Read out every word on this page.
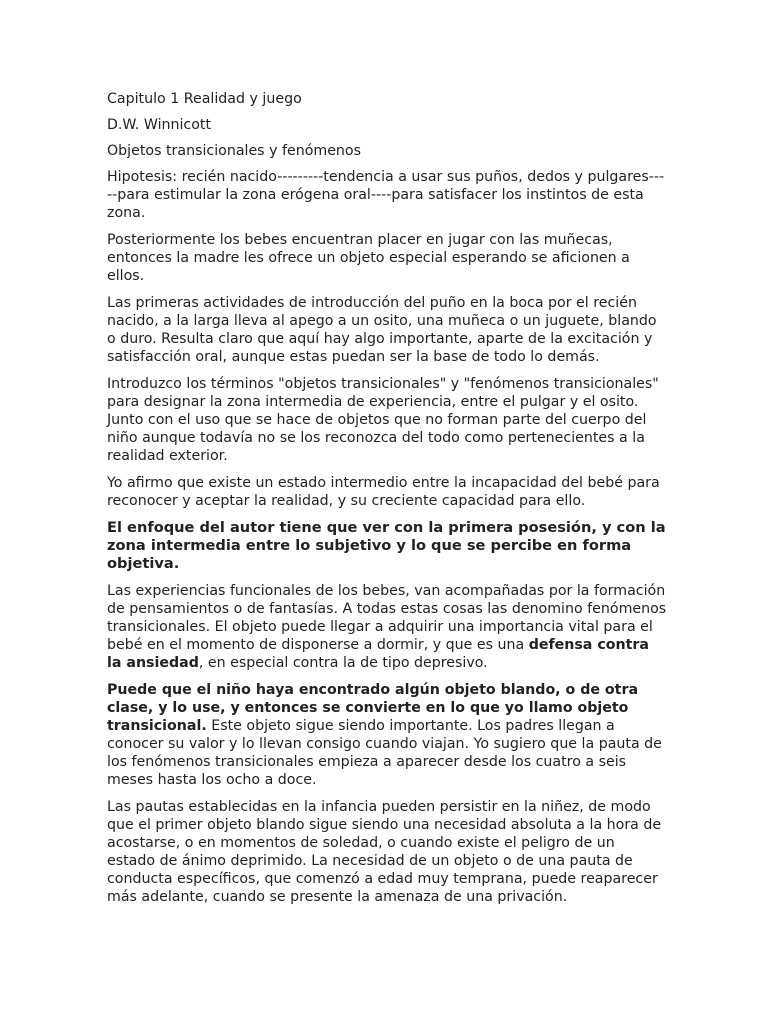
Capitulo 1 Realidad y juego

D.W. Winnicott

Objetos transicionales y fenómenos

Hipotesis: recién nacido---------tendencia a usar sus puños, dedos y pulgares-----para estimular la zona erógena oral----para satisfacer los instintos de esta zona.

Posteriormente los bebes encuentran placer en jugar con las muñecas, entonces la madre les ofrece un objeto especial esperando se aficionen a ellos.

Las primeras actividades de introducción del puño en la boca por el recién nacido, a la larga lleva al apego a un osito, una muñeca o un juguete, blando o duro. Resulta claro que aquí hay algo importante, aparte de la excitación y satisfacción oral, aunque estas puedan ser la base de todo lo demás.

Introduzco los términos "objetos transicionales" y "fenómenos transicionales" para designar la zona intermedia de experiencia, entre el pulgar y el osito. Junto con el uso que se hace de objetos que no forman parte del cuerpo del niño aunque todavía no se los reconozca del todo como pertenecientes a la realidad exterior.

Yo afirmo que existe un estado intermedio entre la incapacidad del bebé para reconocer y aceptar la realidad, y su creciente capacidad para ello.

El enfoque del autor tiene que ver con la primera posesión, y con la zona intermedia entre lo subjetivo y lo que se percibe en forma objetiva.

Las experiencias funcionales de los bebes, van acompañadas por la formación de pensamientos o de fantasías. A todas estas cosas las denomino fenómenos transicionales. El objeto puede llegar a adquirir una importancia vital para el bebé en el momento de disponerse a dormir, y que es una defensa contra la ansiedad, en especial contra la de tipo depresivo.

Puede que el niño haya encontrado algún objeto blando, o de otra clase, y lo use, y entonces se convierte en lo que yo llamo objeto transicional. Este objeto sigue siendo importante. Los padres llegan a conocer su valor y lo llevan consigo cuando viajan. Yo sugiero que la pauta de los fenómenos transicionales empieza a aparecer desde los cuatro a seis meses hasta los ocho a doce.

Las pautas establecidas en la infancia pueden persistir en la niñez, de modo que el primer objeto blando sigue siendo una necesidad absoluta a la hora de acostarse, o en momentos de soledad, o cuando existe el peligro de un estado de ánimo deprimido. La necesidad de un objeto o de una pauta de conducta específicos, que comenzó a edad muy temprana, puede reaparecer más adelante, cuando se presente la amenaza de una privación.
